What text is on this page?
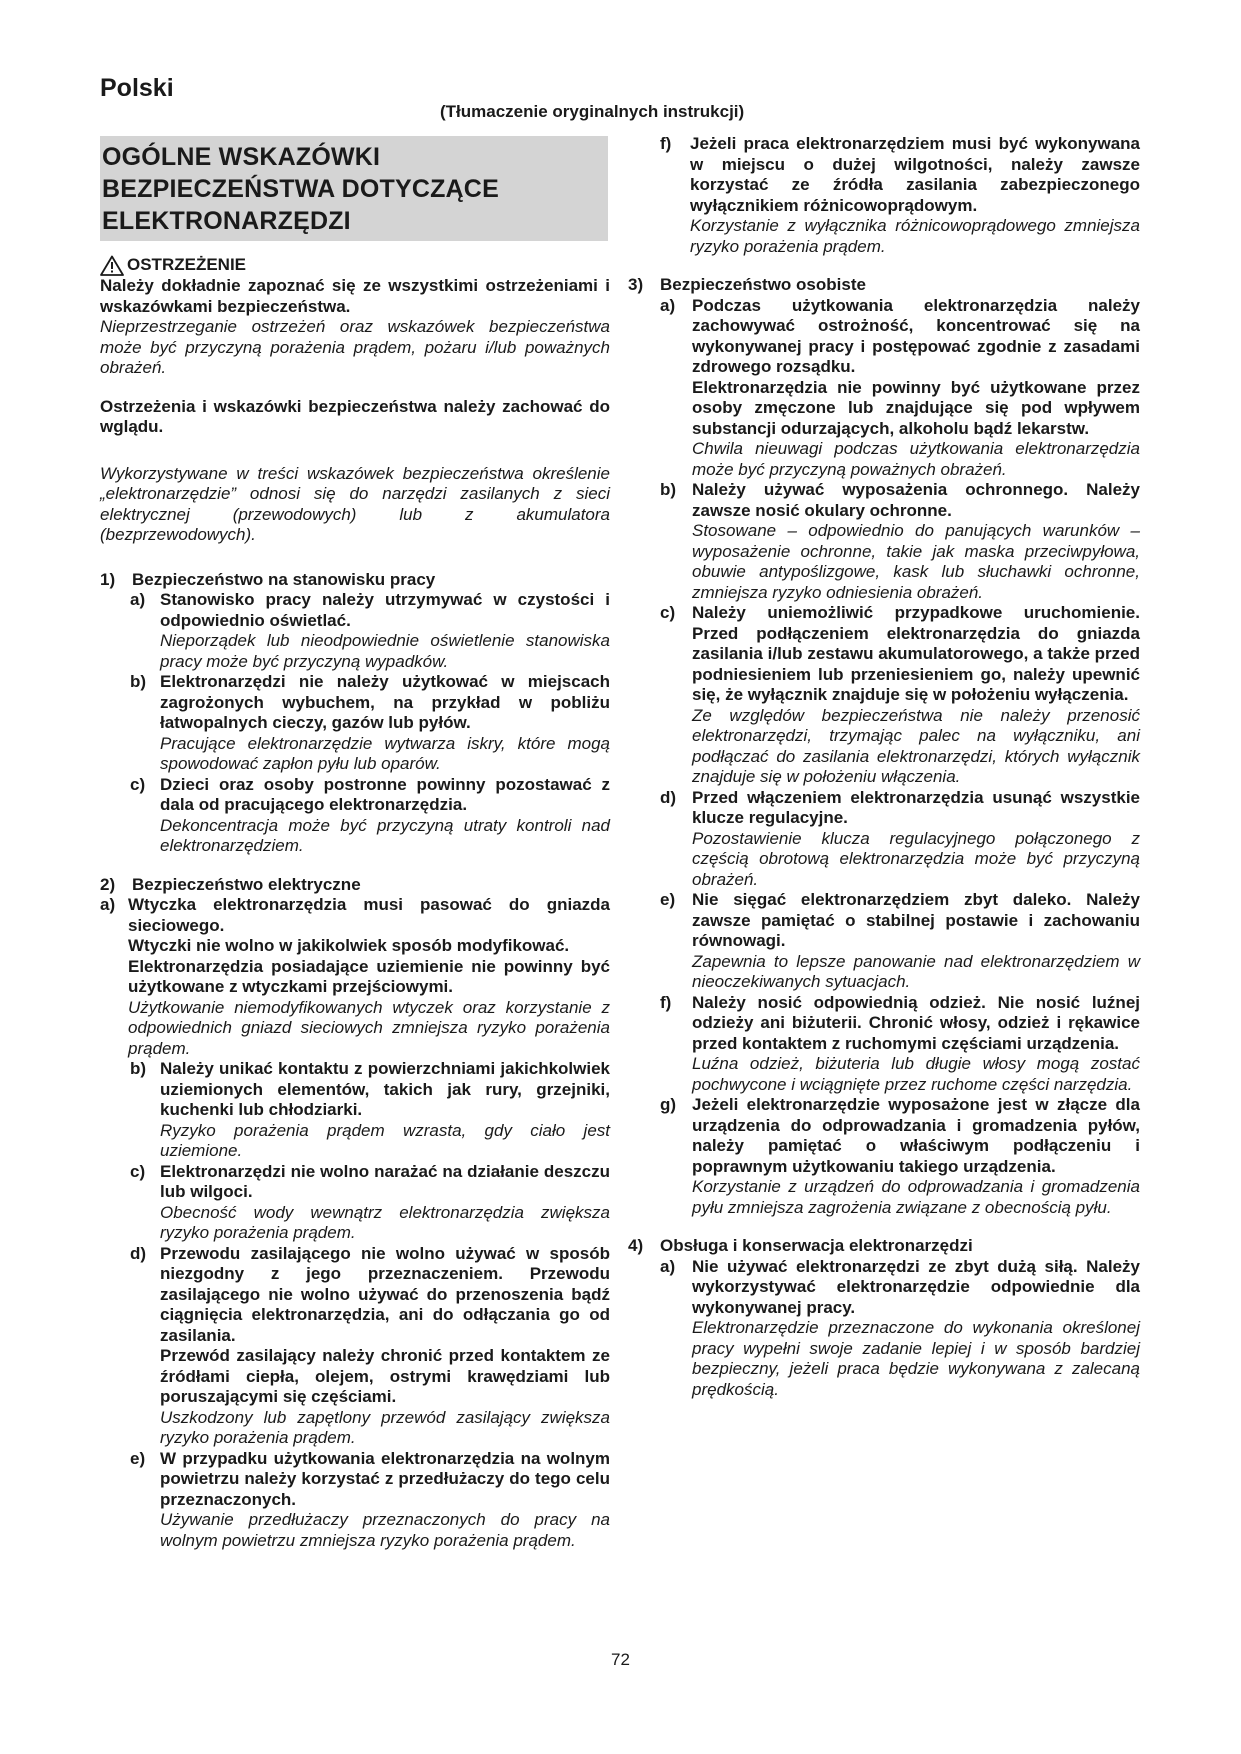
Polski
(Tłumaczenie oryginalnych instrukcji)
OGÓLNE WSKAZÓWKI BEZPIECZEŃSTWA DOTYCZĄCE ELEKTRONARZĘDZI
OSTRZEŻENIE
Należy dokładnie zapoznać się ze wszystkimi ostrzeżeniami i wskazówkami bezpieczeństwa.
Nieprzestrzeganie ostrzeżeń oraz wskazówek bezpieczeństwa może być przyczyną porażenia prądem, pożaru i/lub poważnych obrażeń.
Ostrzeżenia i wskazówki bezpieczeństwa należy zachować do wglądu.
Wykorzystywane w treści wskazówek bezpieczeństwa określenie „elektronarzędzie” odnosi się do narzędzi zasilanych z sieci elektrycznej (przewodowych) lub z akumulatora (bezprzewodowych).
1) Bezpieczeństwo na stanowisku pracy
a) Stanowisko pracy należy utrzymywać w czystości i odpowiednio oświetlać.
Nieporządek lub nieodpowiednie oświetlenie stanowiska pracy może być przyczyną wypadków.
b) Elektronarzędzi nie należy użytkować w miejscach zagrożonych wybuchem, na przykład w pobliżu łatwopalnych cieczy, gazów lub pyłów.
Pracujące elektronarzędzie wytwarza iskry, które mogą spowodować zapłon pyłu lub oparów.
c) Dzieci oraz osoby postronne powinny pozostawać z dala od pracującego elektronarzędzia.
Dekoncentracja może być przyczyną utraty kontroli nad elektronarzędziem.
2) Bezpieczeństwo elektryczne
a) Wtyczka elektronarzędzia musi pasować do gniazda sieciowego.
Wtyczki nie wolno w jakikolwiek sposób modyfikować.
Elektronarzędzia posiadające uziemienie nie powinny być użytkowane z wtyczkami przejściowymi.
Użytkowanie niemodyfikowanych wtyczek oraz korzystanie z odpowiednich gniazd sieciowych zmniejsza ryzyko porażenia prądem.
b) Należy unikać kontaktu z powierzchniami jakichkolwiek uziemionych elementów, takich jak rury, grzejniki, kuchenki lub chłodziarki.
Ryzyko porażenia prądem wzrasta, gdy ciało jest uziemione.
c) Elektronarzędzi nie wolno narażać na działanie deszczu lub wilgoci.
Obecność wody wewnątrz elektronarzędzia zwiększa ryzyko porażenia prądem.
d) Przewodu zasilającego nie wolno używać w sposób niezgodny z jego przeznaczeniem. Przewodu zasilającego nie wolno używać do przenoszenia bądź ciągnięcia elektronarzędzia, ani do odłączania go od zasilania.
Przewód zasilający należy chronić przed kontaktem ze źródłami ciepła, olejem, ostrymi krawędziami lub poruszającymi się częściami.
Uszkodzony lub zapętlony przewód zasilający zwiększa ryzyko porażenia prądem.
e) W przypadku użytkowania elektronarzędzia na wolnym powietrzu należy korzystać z przedłużaczy do tego celu przeznaczonych.
Używanie przedłużaczy przeznaczonych do pracy na wolnym powietrzu zmniejsza ryzyko porażenia prądem.
f)	Jeżeli praca elektronarzędziem musi być wykonywana w miejscu o dużej wilgotności, należy zawsze korzystać ze źródła zasilania zabezpieczonego wyłącznikiem różnicowoprądowym.
Korzystanie z wyłącznika różnicowoprądowego zmniejsza ryzyko porażenia prądem.
3) Bezpieczeństwo osobiste
a) Podczas użytkowania elektronarzędzia należy zachowywać ostrożność, koncentrować się na wykonywanej pracy i postępować zgodnie z zasadami zdrowego rozsądku.
Elektronarzędzia nie powinny być użytkowane przez osoby zmęczone lub znajdujące się pod wpływem substancji odurzających, alkoholu bądź lekarstw.
Chwila nieuwagi podczas użytkowania elektronarzędzia może być przyczyną poważnych obrażeń.
b) Należy używać wyposażenia ochronnego. Należy zawsze nosić okulary ochronne.
Stosowane – odpowiednio do panujących warunków – wyposażenie ochronne, takie jak maska przeciwpyłowa, obuwie antypoślizgowe, kask lub słuchawki ochronne, zmniejsza ryzyko odniesienia obrażeń.
c) Należy uniemożliwić przypadkowe uruchomienie. Przed podłączeniem elektronarzędzia do gniazda zasilania i/lub zestawu akumulatorowego, a także przed podniesieniem lub przeniesieniem go, należy upewnić się, że wyłącznik znajduje się w położeniu wyłączenia.
Ze względów bezpieczeństwa nie należy przenosić elektronarzędzi, trzymając palec na wyłączniku, ani podłączać do zasilania elektronarzędzi, których wyłącznik znajduje się w położeniu włączenia.
d) Przed włączeniem elektronarzędzia usunąć wszystkie klucze regulacyjne.
Pozostawienie klucza regulacyjnego połączonego z częścią obrotową elektronarzędzia może być przyczyną obrażeń.
e) Nie sięgać elektronarzędziem zbyt daleko. Należy zawsze pamiętać o stabilnej postawie i zachowaniu równowagi.
Zapewnia to lepsze panowanie nad elektronarzędziem w nieoczekiwanych sytuacjach.
f)	Należy nosić odpowiednią odzież. Nie nosić luźnej odzieży ani biżuterii. Chronić włosy, odzież i rękawice przed kontaktem z ruchomymi częściami urządzenia.
Luźna odzież, biżuteria lub długie włosy mogą zostać pochwycone i wciągnięte przez ruchome części narzędzia.
g) Jeżeli elektronarzędzie wyposażone jest w złącze dla urządzenia do odprowadzania i gromadzenia pyłów, należy pamiętać o właściwym podłączeniu i poprawnym użytkowaniu takiego urządzenia.
Korzystanie z urządzeń do odprowadzania i gromadzenia pyłu zmniejsza zagrożenia związane z obecnością pyłu.
4) Obsługa i konserwacja elektronarzędzi
a) Nie używać elektronarzędzi ze zbyt dużą siłą. Należy wykorzystywać elektronarzędzie odpowiednie dla wykonywanej pracy.
Elektronarzędzie przeznaczone do wykonania określonej pracy wypełni swoje zadanie lepiej i w sposób bardziej bezpieczny, jeżeli praca będzie wykonywana z zalecaną prędkością.
72
